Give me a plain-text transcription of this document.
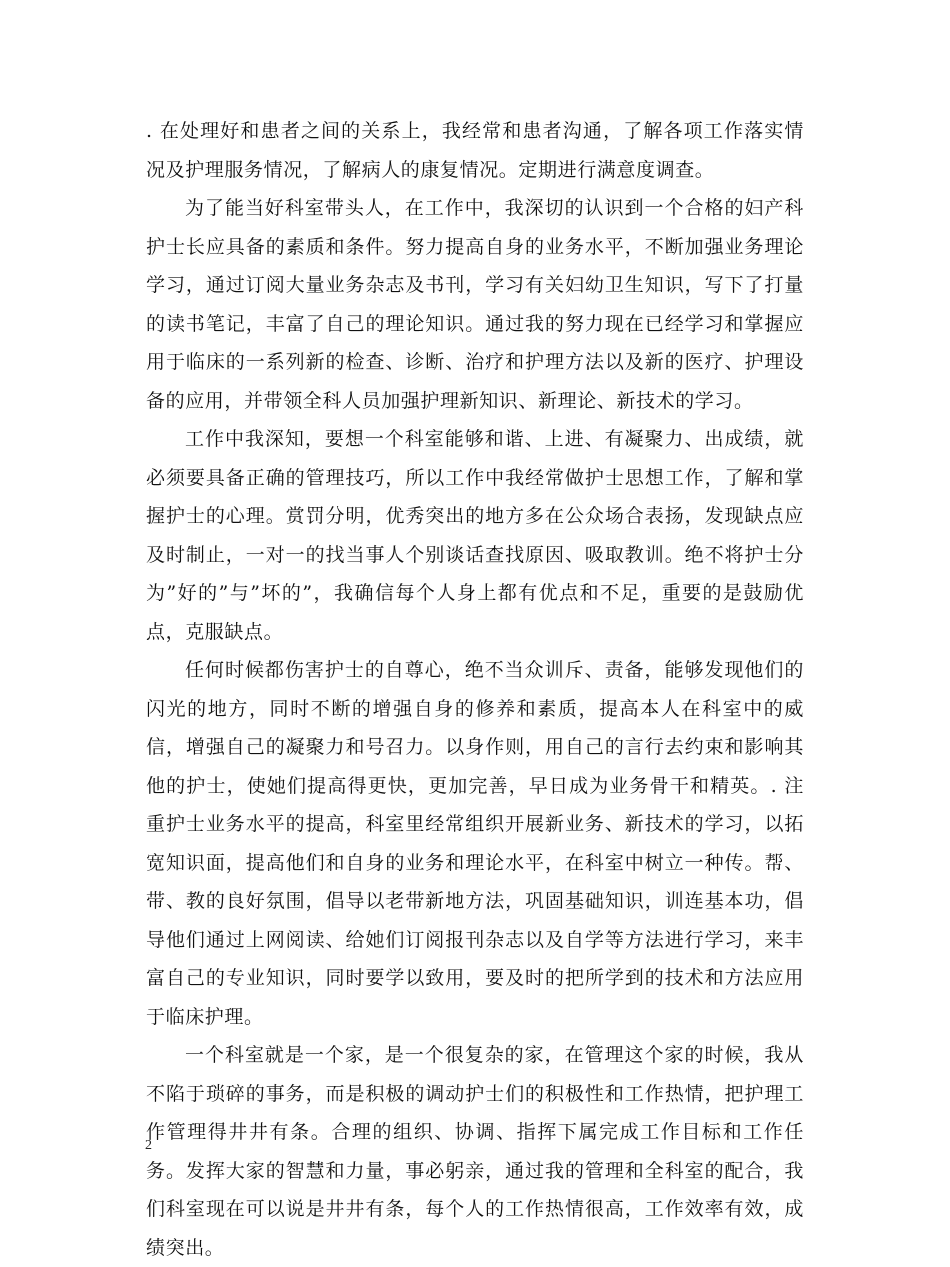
. 在处理好和患者之间的关系上，我经常和患者沟通，了解各项工作落实情况及护理服务情况，了解病人的康复情况。定期进行满意度调查。

为了能当好科室带头人，在工作中，我深切的认识到一个合格的妇产科护士长应具备的素质和条件。努力提高自身的业务水平，不断加强业务理论学习，通过订阅大量业务杂志及书刊，学习有关妇幼卫生知识，写下了打量的读书笔记，丰富了自己的理论知识。通过我的努力现在已经学习和掌握应用于临床的一系列新的检查、诊断、治疗和护理方法以及新的医疗、护理设备的应用，并带领全科人员加强护理新知识、新理论、新技术的学习。

工作中我深知，要想一个科室能够和谐、上进、有凝聚力、出成绩，就必须要具备正确的管理技巧，所以工作中我经常做护士思想工作，了解和掌握护士的心理。赏罚分明，优秀突出的地方多在公众场合表扬，发现缺点应及时制止，一对一的找当事人个别谈话查找原因、吸取教训。绝不将护士分为”好的”与”坏的”，我确信每个人身上都有优点和不足，重要的是鼓励优点，克服缺点。

任何时候都伤害护士的自尊心，绝不当众训斥、责备，能够发现他们的闪光的地方，同时不断的增强自身的修养和素质，提高本人在科室中的威信，增强自己的凝聚力和号召力。以身作则，用自己的言行去约束和影响其他的护士，使她们提高得更快，更加完善，早日成为业务骨干和精英。. 注重护士业务水平的提高，科室里经常组织开展新业务、新技术的学习，以拓宽知识面，提高他们和自身的业务和理论水平，在科室中树立一种传。帮、带、教的良好氛围，倡导以老带新地方法，巩固基础知识，训连基本功，倡导他们通过上网阅读、给她们订阅报刊杂志以及自学等方法进行学习，来丰富自己的专业知识，同时要学以致用，要及时的把所学到的技术和方法应用于临床护理。

一个科室就是一个家，是一个很复杂的家，在管理这个家的时候，我从不陷于琐碎的事务，而是积极的调动护士们的积极性和工作热情，把护理工作管理得井井有条。合理的组织、协调、指挥下属完成工作目标和工作任务。发挥大家的智慧和力量，事必躬亲，通过我的管理和全科室的配合，我们科室现在可以说是井井有条，每个人的工作热情很高，工作效率有效，成绩突出。

2
